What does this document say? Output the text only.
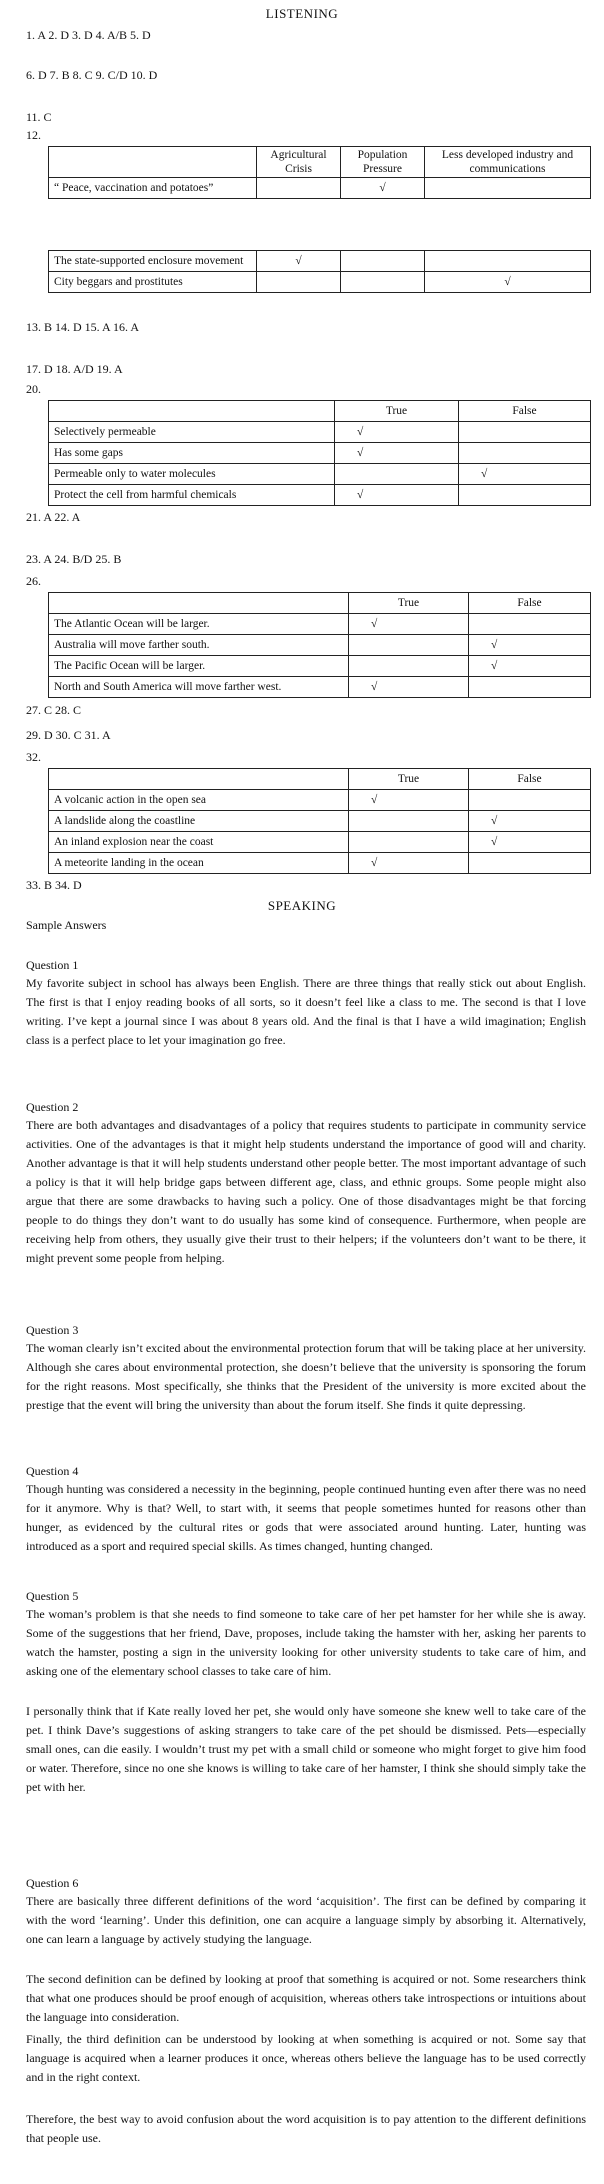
LISTENING
1. A 2. D 3. D 4. A/B 5. D
6. D 7. B 8. C 9. C/D 10. D
11. C
12.
	Agricultural Crisis	Population Pressure	Less developed industry and communications
“ Peace, vaccination and potatoes”		√	
The state-supported enclosure movement	√		
City beggars and prostitutes			√
13. B 14. D 15. A 16. A
17. D 18. A/D 19. A
20.
	True	False
Selectively permeable	√	
Has some gaps	√	
Permeable only to water molecules		√
Protect the cell from harmful chemicals	√	
21. A 22. A
23. A 24. B/D 25. B
26.
	True	False
The Atlantic Ocean will be larger.	√	
Australia will move farther south.		√
The Pacific Ocean will be larger.		√
North and South America will move farther west.	√	
27. C 28. C
29. D 30. C 31. A
32.
	True	False
A volcanic action in the open sea	√	
A landslide along the coastline		√
An inland explosion near the coast		√
A meteorite landing in the ocean	√	
33. B 34. D
SPEAKING
Sample Answers
Question 1
My favorite subject in school has always been English. There are three things that really stick out about English. The first is that I enjoy reading books of all sorts, so it doesn’t feel like a class to me. The second is that I love writing. I’ve kept a journal since I was about 8 years old. And the final is that I have a wild imagination; English class is a perfect place to let your imagination go free.
Question 2
There are both advantages and disadvantages of a policy that requires students to participate in community service activities. One of the advantages is that it might help students understand the importance of good will and charity. Another advantage is that it will help students understand other people better. The most important advantage of such a policy is that it will help bridge gaps between different age, class, and ethnic groups. Some people might also argue that there are some drawbacks to having such a policy. One of those disadvantages might be that forcing people to do things they don’t want to do usually has some kind of consequence. Furthermore, when people are receiving help from others, they usually give their trust to their helpers; if the volunteers don’t want to be there, it might prevent some people from helping.
Question 3
The woman clearly isn’t excited about the environmental protection forum that will be taking place at her university. Although she cares about environmental protection, she doesn’t believe that the university is sponsoring the forum for the right reasons. Most specifically, she thinks that the President of the university is more excited about the prestige that the event will bring the university than about the forum itself. She finds it quite depressing.
Question 4
Though hunting was considered a necessity in the beginning, people continued hunting even after there was no need for it anymore. Why is that? Well, to start with, it seems that people sometimes hunted for reasons other than hunger, as evidenced by the cultural rites or gods that were associated around hunting. Later, hunting was introduced as a sport and required special skills. As times changed, hunting changed.
Question 5
The woman’s problem is that she needs to find someone to take care of her pet hamster for her while she is away. Some of the suggestions that her friend, Dave, proposes, include taking the hamster with her, asking her parents to watch the hamster, posting a sign in the university looking for other university students to take care of him, and asking one of the elementary school classes to take care of him.
I personally think that if Kate really loved her pet, she would only have someone she knew well to take care of the pet. I think Dave’s suggestions of asking strangers to take care of the pet should be dismissed. Pets—especially small ones, can die easily. I wouldn’t trust my pet with a small child or someone who might forget to give him food or water. Therefore, since no one she knows is willing to take care of her hamster, I think she should simply take the pet with her.
Question 6
There are basically three different definitions of the word ‘acquisition’. The first can be defined by comparing it with the word ‘learning’. Under this definition, one can acquire a language simply by absorbing it. Alternatively, one can learn a language by actively studying the language.
The second definition can be defined by looking at proof that something is acquired or not. Some researchers think that what one produces should be proof enough of acquisition, whereas others take introspections or intuitions about the language into consideration.
Finally, the third definition can be understood by looking at when something is acquired or not. Some say that language is acquired when a learner produces it once, whereas others believe the language has to be used correctly and in the right context.
Therefore, the best way to avoid confusion about the word acquisition is to pay attention to the different definitions that people use.
